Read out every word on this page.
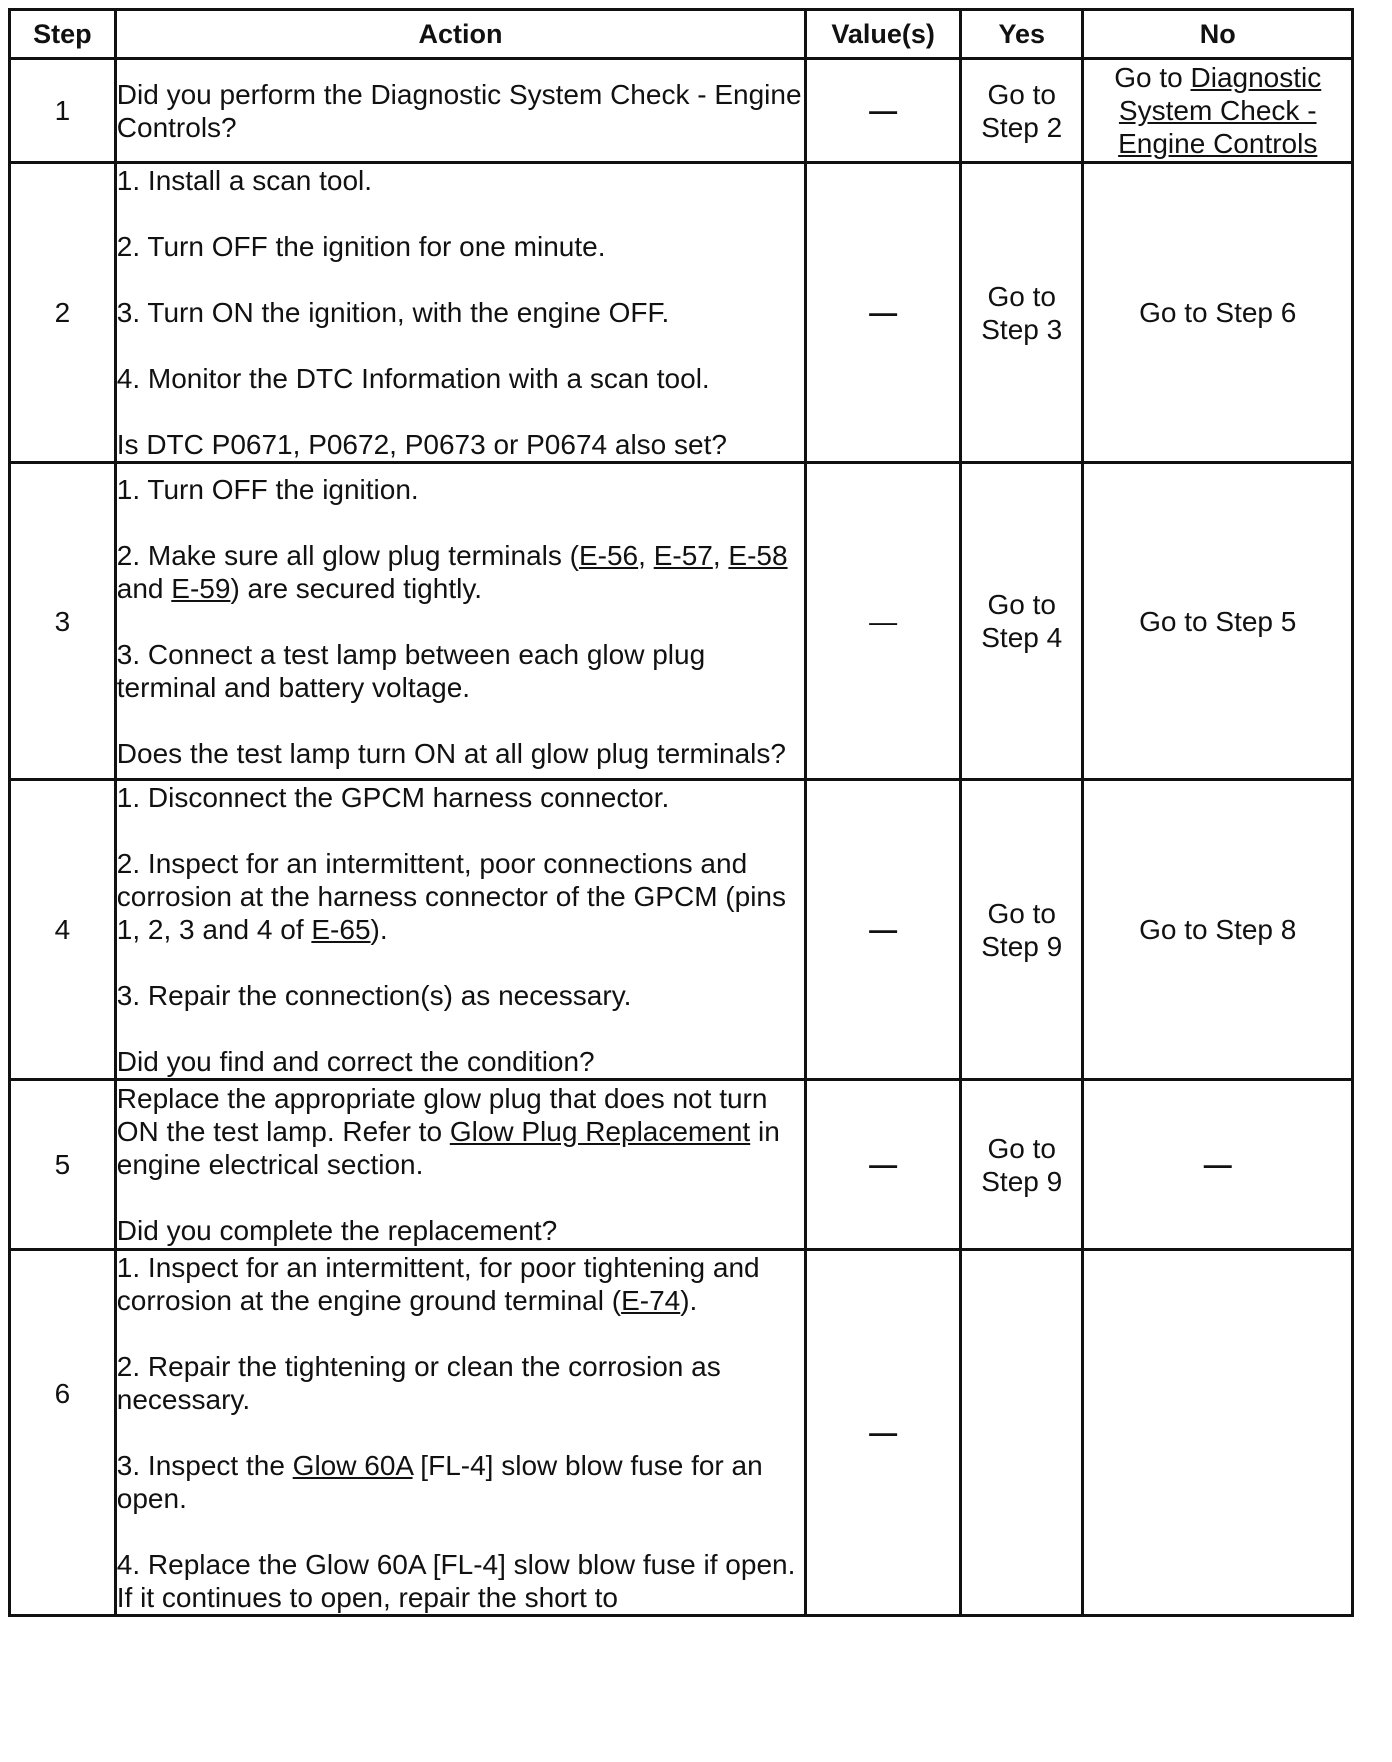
Step	Action	Value(s)	Yes	No
1	Did you perform the Diagnostic System Check - Engine Controls?	—	Go to Step 2	Go to Diagnostic System Check - Engine Controls
2	1. Install a scan tool.
2. Turn OFF the ignition for one minute.
3. Turn ON the ignition, with the engine OFF.
4. Monitor the DTC Information with a scan tool.
Is DTC P0671, P0672, P0673 or P0674 also set?	—	Go to Step 3	Go to Step 6
3	1. Turn OFF the ignition.
2. Make sure all glow plug terminals (E-56, E-57, E-58 and E-59) are secured tightly.
3. Connect a test lamp between each glow plug terminal and battery voltage.
Does the test lamp turn ON at all glow plug terminals?	—	Go to Step 4	Go to Step 5
4	1. Disconnect the GPCM harness connector.
2. Inspect for an intermittent, poor connections and corrosion at the harness connector of the GPCM (pins 1, 2, 3 and 4 of E-65).
3. Repair the connection(s) as necessary.
Did you find and correct the condition?	—	Go to Step 9	Go to Step 8
5	Replace the appropriate glow plug that does not turn ON the test lamp. Refer to Glow Plug Replacement in engine electrical section.
Did you complete the replacement?	—	Go to Step 9	—
6	1. Inspect for an intermittent, for poor tightening and corrosion at the engine ground terminal (E-74).
2. Repair the tightening or clean the corrosion as necessary.
3. Inspect the Glow 60A [FL-4] slow blow fuse for an open.
4. Replace the Glow 60A [FL-4] slow blow fuse if open. If it continues to open, repair the short to	—		
